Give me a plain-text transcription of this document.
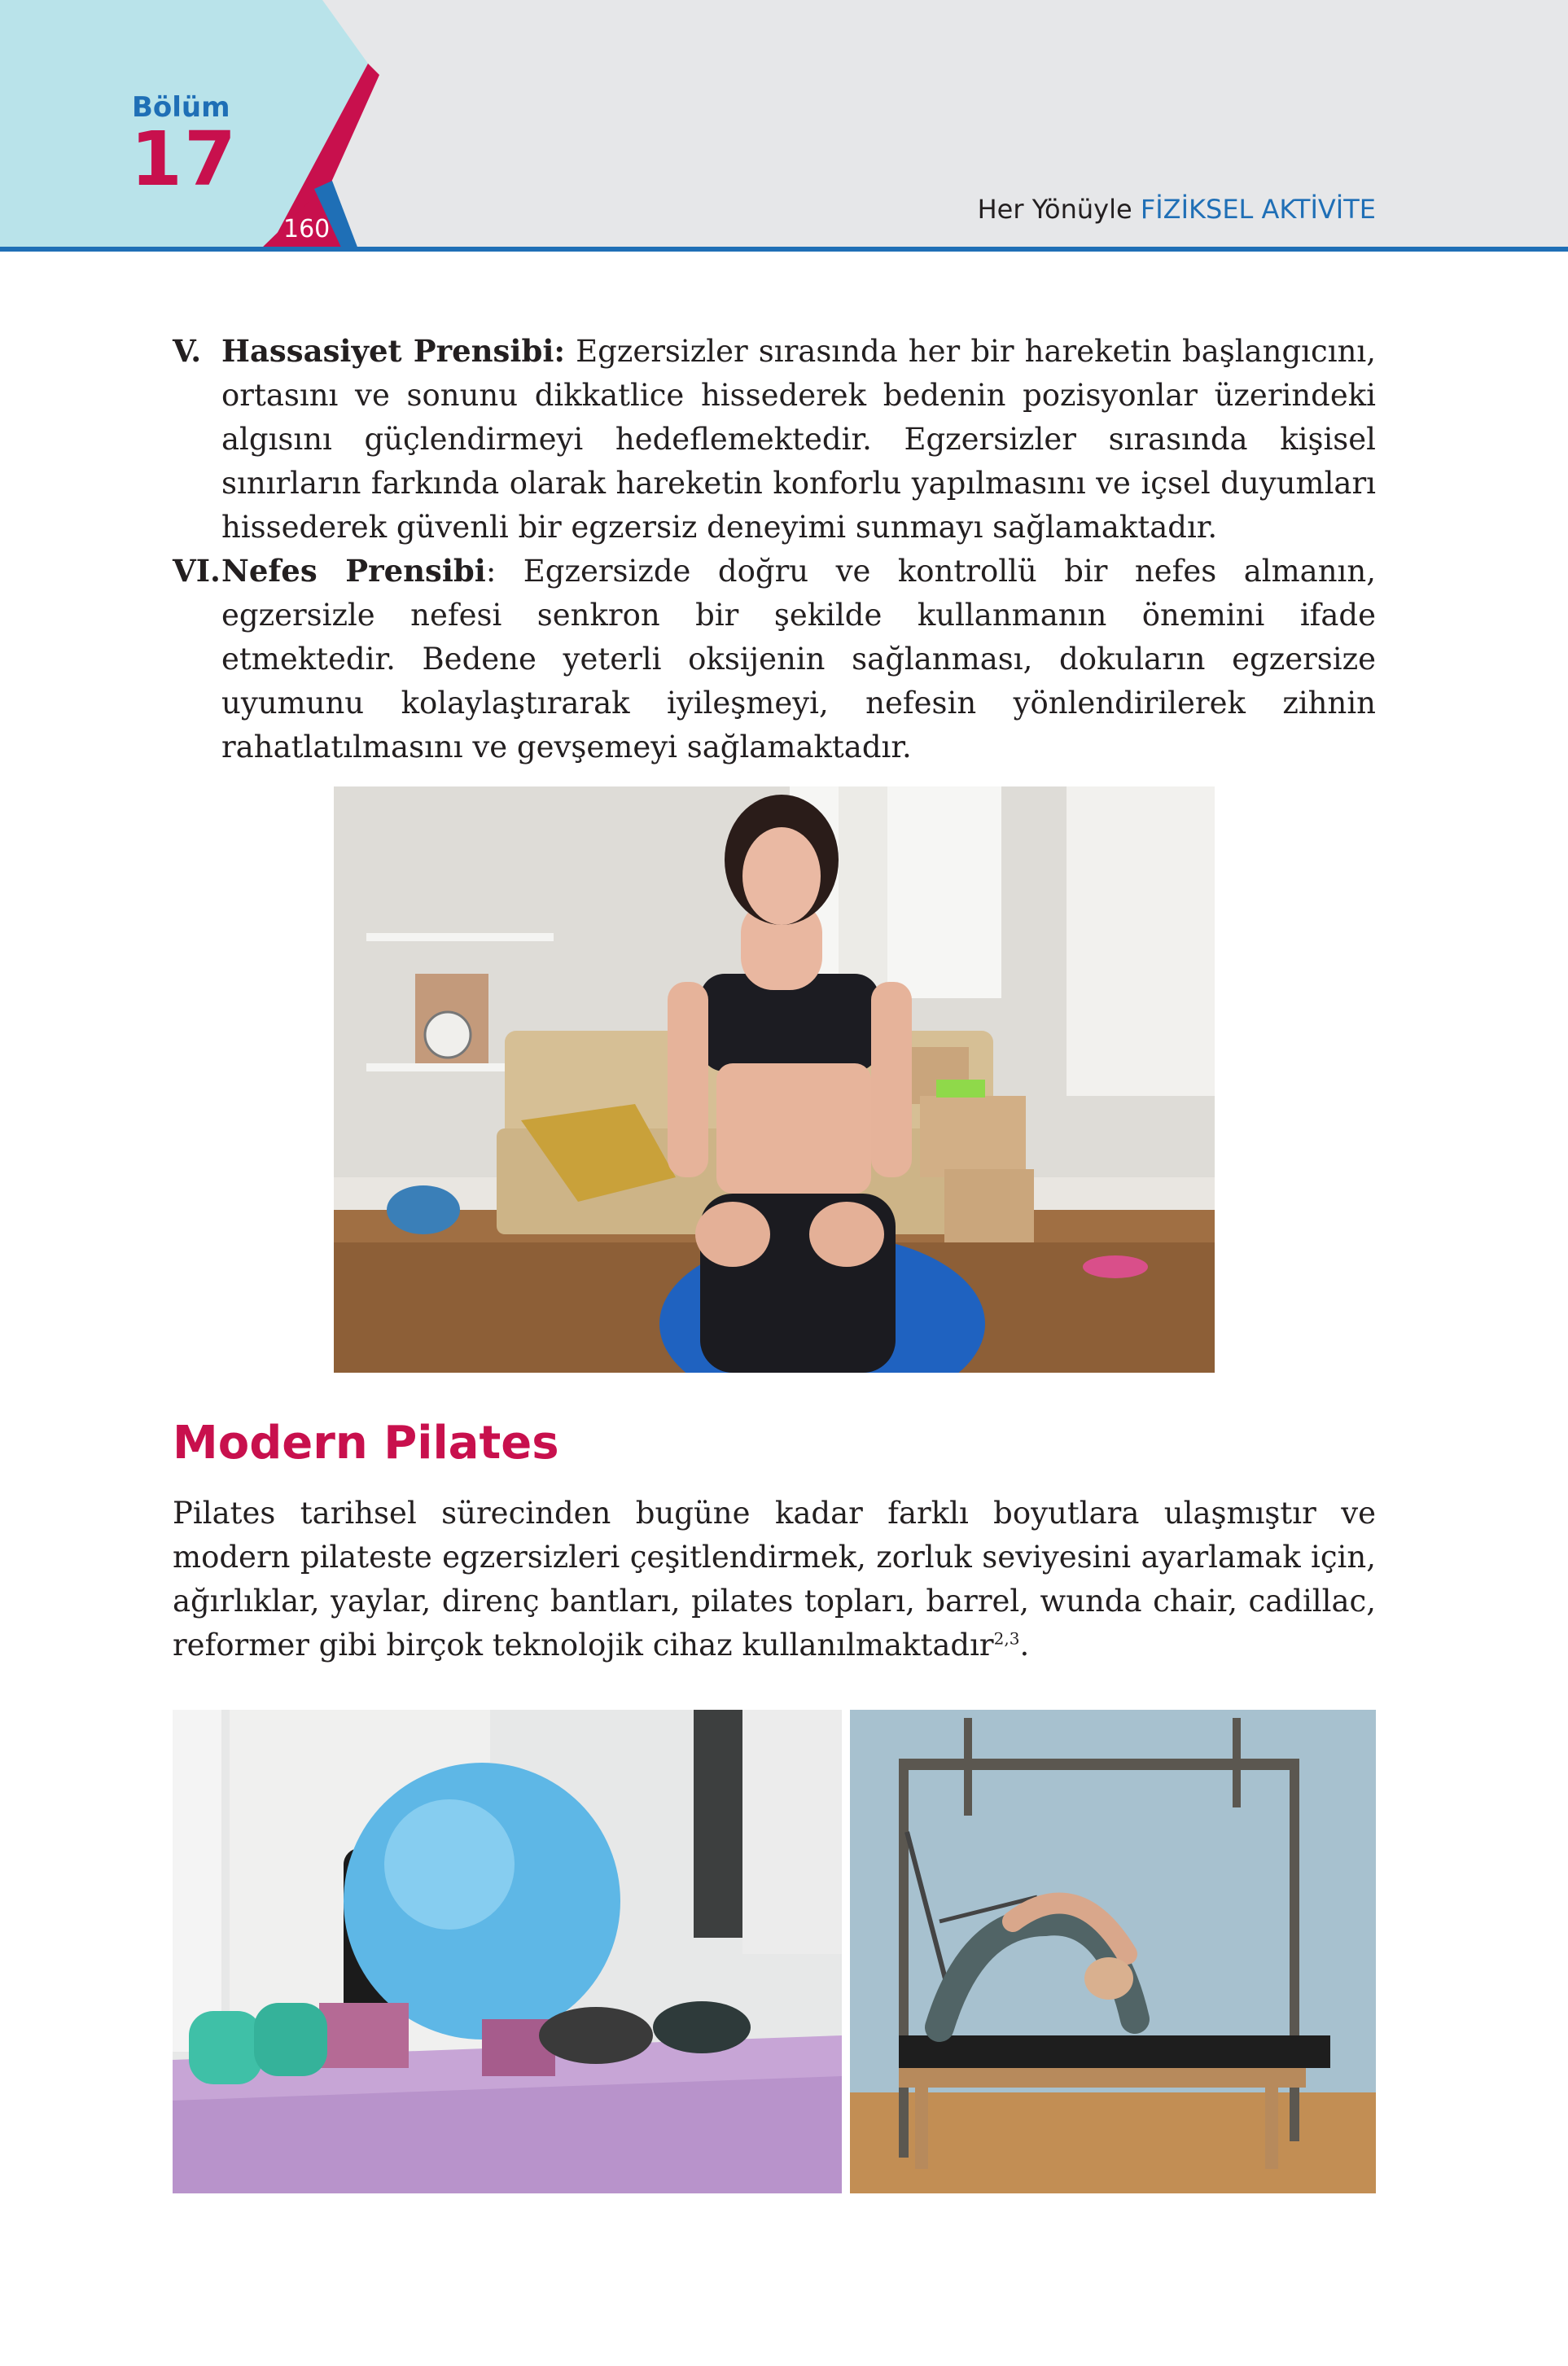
Bölüm
17
160
Her Yönüyle FİZİKSEL AKTİVİTE
V. Hassasiyet Prensibi: Egzersizler sırasında her bir hareketin başlangıcını, ortasını ve sonunu dikkatlice hissederek bedenin pozisyonlar üzerindeki algısını güçlendirmeyi hedeflemektedir. Egzersizler sırasında kişisel sınırların farkında olarak hareketin konforlu yapılmasını ve içsel duyumları hissederek güvenli bir egzersiz deneyimi sunmayı sağlamaktadır.
VI. Nefes Prensibi: Egzersizde doğru ve kontrollü bir nefes almanın, egzersizle nefesi senkron bir şekilde kullanmanın önemini ifade etmektedir. Bedene yeterli oksijenin sağlanması, dokuların egzersize uyumunu kolaylaştırarak iyileşmeyi, nefesin yönlendirilerek zihnin rahatlatılmasını ve gevşemeyi sağlamaktadır.
Modern Pilates
Pilates tarihsel sürecinden bugüne kadar farklı boyutlara ulaşmıştır ve modern pilateste egzersizleri çeşitlendirmek, zorluk seviyesini ayarlamak için, ağırlıklar, yaylar, direnç bantları, pilates topları, barrel, wunda chair, cadillac, reformer gibi birçok teknolojik cihaz kullanılmaktadır$^{2,3}$.
